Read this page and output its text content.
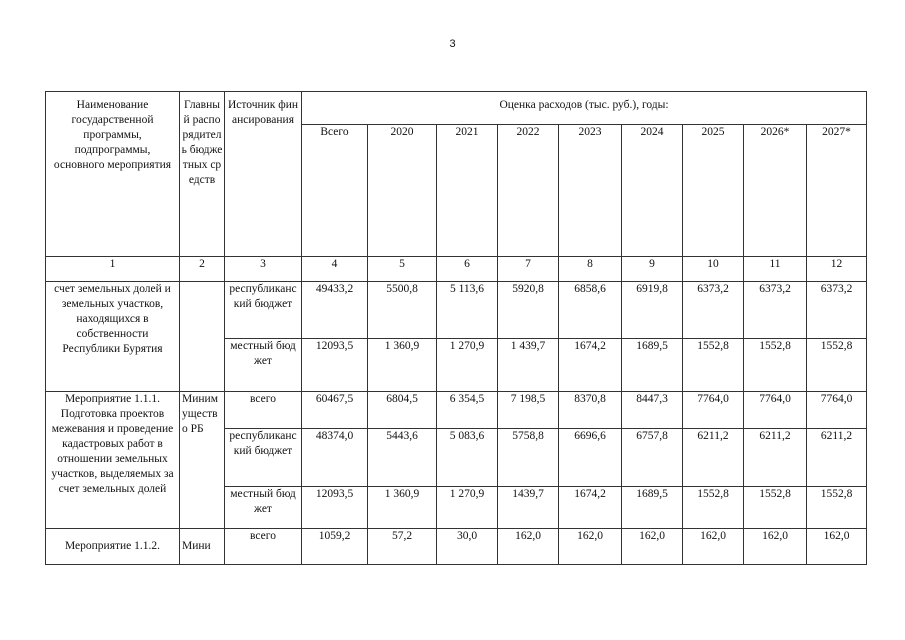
3
Наименование государственной программы, подпрограммы, основного мероприятия	Главный распорядитель бюджетных средств	Источник финансирования	Оценка расходов (тыс. руб.), годы:								
			Всего	2020	2021	2022	2023	2024	2025	2026*	2027*
1	2	3	4	5	6	7	8	9	10	11	12
счет земельных долей и земельных участков, находящихся в собственности Республики Бурятия		республиканский бюджет	49433,2	5500,8	5 113,6	5920,8	6858,6	6919,8	6373,2	6373,2	6373,2
		местный бюджет	12093,5	1 360,9	1 270,9	1 439,7	1674,2	1689,5	1552,8	1552,8	1552,8
Мероприятие 1.1.1. Подготовка проектов межевания и проведение кадастровых работ в отношении земельных участков, выделяемых за счет земельных долей	Минимущество РБ	всего	60467,5	6804,5	6 354,5	7 198,5	8370,8	8447,3	7764,0	7764,0	7764,0
		республиканский бюджет	48374,0	5443,6	5 083,6	5758,8	6696,6	6757,8	6211,2	6211,2	6211,2
		местный бюджет	12093,5	1 360,9	1 270,9	1439,7	1674,2	1689,5	1552,8	1552,8	1552,8
Мероприятие 1.1.2.	Мини	всего	1059,2	57,2	30,0	162,0	162,0	162,0	162,0	162,0	162,0
